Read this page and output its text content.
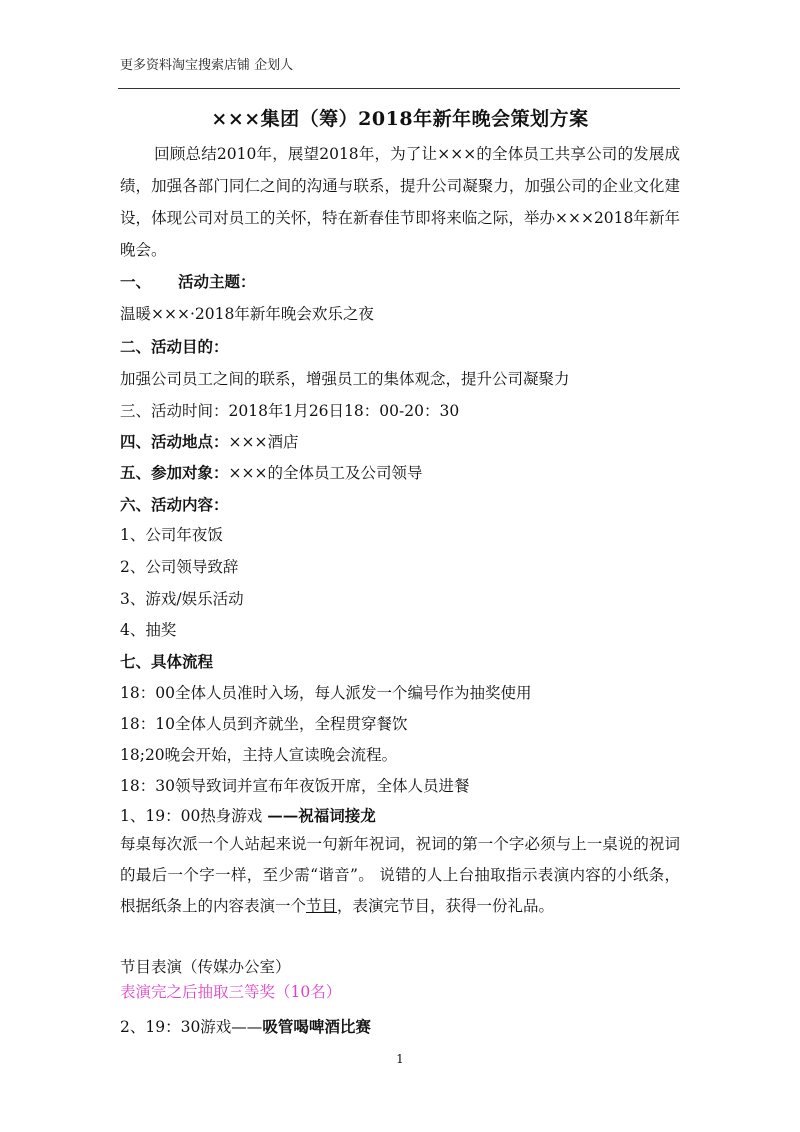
更多资料淘宝搜索店铺 企划人
×××集团（筹）2018年新年晚会策划方案
回顾总结2010年，展望2018年，为了让×××的全体员工共享公司的发展成绩，加强各部门同仁之间的沟通与联系，提升公司凝聚力，加强公司的企业文化建设，体现公司对员工的关怀，特在新春佳节即将来临之际，举办×××2018年新年晚会。
一、 活动主题：
温暖×××·2018年新年晚会欢乐之夜
二、活动目的：
加强公司员工之间的联系，增强员工的集体观念，提升公司凝聚力
三、活动时间：2018年1月26日18：00-20：30
四、活动地点：×××酒店
五、参加对象：×××的全体员工及公司领导
六、活动内容：
1、公司年夜饭
2、公司领导致辞
3、游戏/娱乐活动
4、抽奖
七、具体流程
18：00全体人员准时入场，每人派发一个编号作为抽奖使用
18：10全体人员到齐就坐，全程贯穿餐饮
18;20晚会开始，主持人宣读晚会流程。
18：30领导致词并宣布年夜饭开席，全体人员进餐
1、19：00热身游戏 ——祝福词接龙
每桌每次派一个人站起来说一句新年祝词，祝词的第一个字必须与上一桌说的祝词的最后一个字一样，至少需“谐音”。 说错的人上台抽取指示表演内容的小纸条，根据纸条上的内容表演一个节目，表演完节目，获得一份礼品。
节目表演（传媒办公室）
表演完之后抽取三等奖（10名）
2、19：30游戏——吸管喝啤酒比赛
1
